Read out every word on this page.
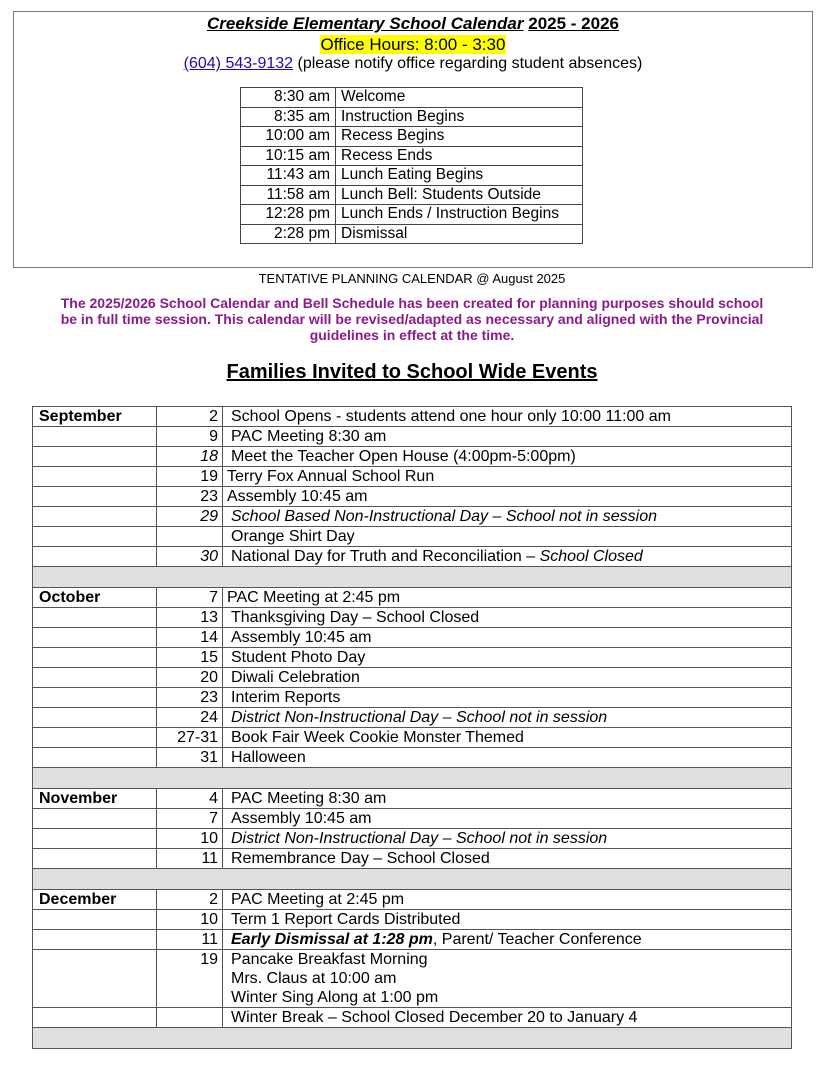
Creekside Elementary School Calendar 2025 - 2026
Office Hours: 8:00 - 3:30
(604) 543-9132 (please notify office regarding student absences)
8:30 am	Welcome
8:35 am	Instruction Begins
10:00 am	Recess Begins
10:15 am	Recess Ends
11:43 am	Lunch Eating Begins
11:58 am	Lunch Bell: Students Outside
12:28 pm	Lunch Ends / Instruction Begins
2:28 pm	Dismissal
TENTATIVE PLANNING CALENDAR @ August 2025
The 2025/2026 School Calendar and Bell Schedule has been created for planning purposes should school be in full time session. This calendar will be revised/adapted as necessary and aligned with the Provincial guidelines in effect at the time.
Families Invited to School Wide Events
September	2	School Opens - students attend one hour only 10:00 11:00 am
	9	PAC Meeting 8:30 am
	18	Meet the Teacher Open House (4:00pm-5:00pm)
	19	Terry Fox Annual School Run
	23	Assembly 10:45 am
	29	School Based Non-Instructional Day – School not in session
		Orange Shirt Day
	30	National Day for Truth and Reconciliation – School Closed

October	7	PAC Meeting at 2:45 pm
	13	Thanksgiving Day – School Closed
	14	Assembly 10:45 am
	15	Student Photo Day
	20	Diwali Celebration
	23	Interim Reports
	24	District Non-Instructional Day – School not in session
	27-31	Book Fair Week Cookie Monster Themed
	31	Halloween

November	4	PAC Meeting 8:30 am
	7	Assembly 10:45 am
	10	District Non-Instructional Day – School not in session
	11	Remembrance Day – School Closed

December	2	PAC Meeting at 2:45 pm
	10	Term 1 Report Cards Distributed
	11	Early Dismissal at 1:28 pm, Parent/ Teacher Conference
	19	Pancake Breakfast Morning
Mrs. Claus at 10:00 am
Winter Sing Along at 1:00 pm

		Winter Break – School Closed December 20 to January 4
